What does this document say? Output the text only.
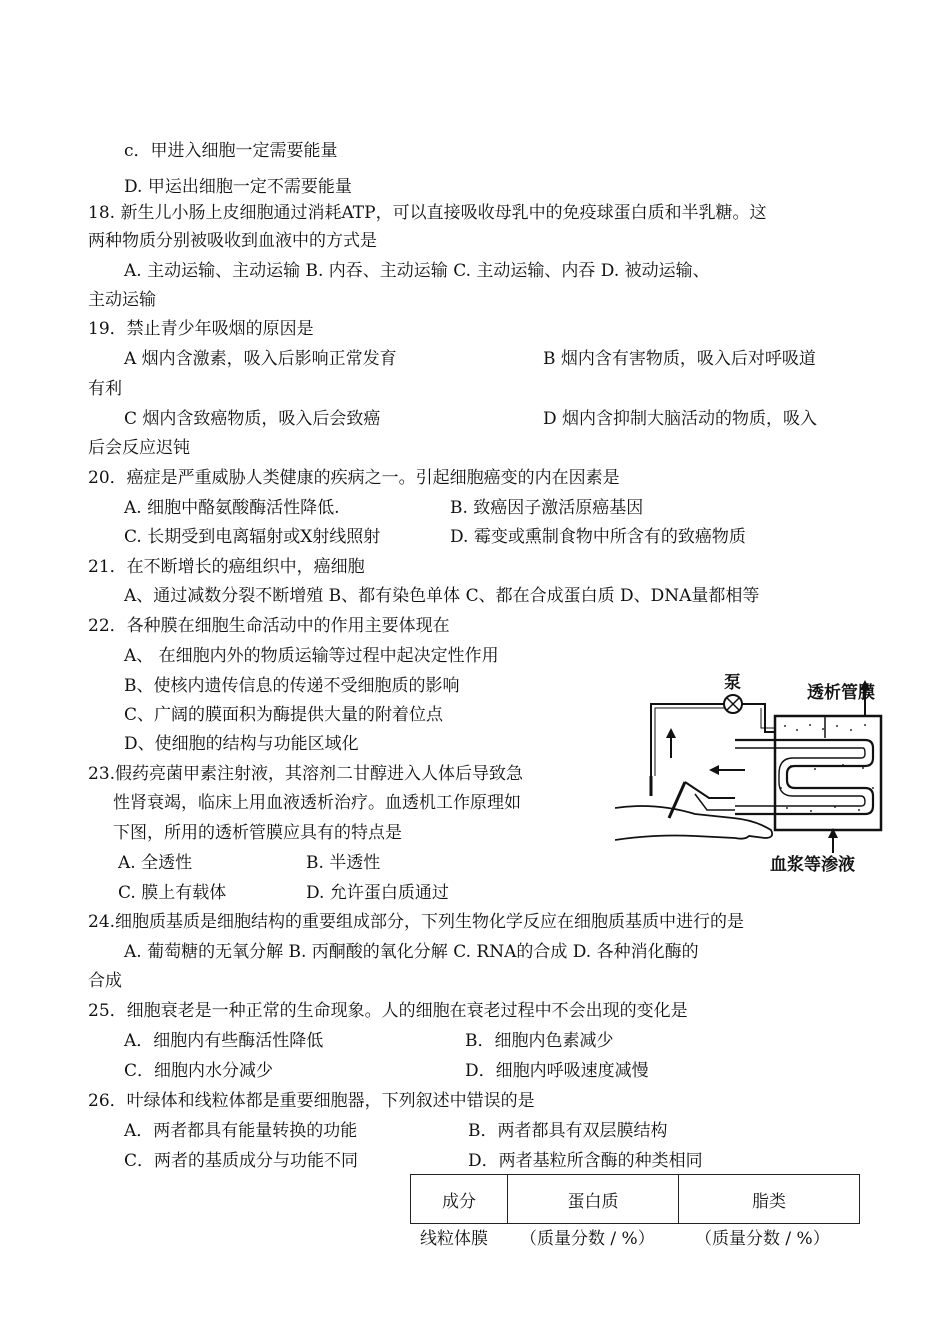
c．甲进入细胞一定需要能量
D. 甲运出细胞一定不需要能量
18. 新生儿小肠上皮细胞通过消耗ATP，可以直接吸收母乳中的免疫球蛋白质和半乳糖。这
两种物质分别被吸收到血液中的方式是
A. 主动运输、主动运输 B. 内吞、主动运输 C. 主动运输、内吞 D. 被动运输、
主动运输
19．禁止青少年吸烟的原因是
A 烟内含激素，吸入后影响正常发育	B 烟内含有害物质，吸入后对呼吸道
有利
C 烟内含致癌物质，吸入后会致癌	D 烟内含抑制大脑活动的物质，吸入
后会反应迟钝
20．癌症是严重威胁人类健康的疾病之一。引起细胞癌变的内在因素是
A. 细胞中酪氨酸酶活性降低.	B. 致癌因子激活原癌基因
C. 长期受到电离辐射或X射线照射	D. 霉变或熏制食物中所含有的致癌物质
21．在不断增长的癌组织中，癌细胞
A、通过减数分裂不断增殖 B、都有染色单体 C、都在合成蛋白质 D、DNA量都相等
22．各种膜在细胞生命活动中的作用主要体现在
A、 在细胞内外的物质运输等过程中起决定性作用
B、使核内遗传信息的传递不受细胞质的影响
C、广阔的膜面积为酶提供大量的附着位点
D、使细胞的结构与功能区域化
23.假药亮菌甲素注射液，其溶剂二甘醇进入人体后导致急
性肾衰竭，临床上用血液透析治疗。血透机工作原理如
下图，所用的透析管膜应具有的特点是
A. 全透性	B. 半透性
C. 膜上有载体	D. 允许蛋白质通过
24.细胞质基质是细胞结构的重要组成部分，下列生物化学反应在细胞质基质中进行的是
A. 葡萄糖的无氧分解 B. 丙酮酸的氧化分解 C. RNA的合成 D. 各种消化酶的
合成
25．细胞衰老是一种正常的生命现象。人的细胞在衰老过程中不会出现的变化是
A．细胞内有些酶活性降低	B．细胞内色素减少
C．细胞内水分减少	D．细胞内呼吸速度减慢
26．叶绿体和线粒体都是重要细胞器，下列叙述中错误的是
A．两者都具有能量转换的功能	B．两者都具有双层膜结构
C．两者的基质成分与功能不同	D．两者基粒所含酶的种类相同
泵	透析管膜
血浆等渗液
成分	蛋白质	脂类
线粒体膜 （质量分数 / %） （质量分数 / %）
